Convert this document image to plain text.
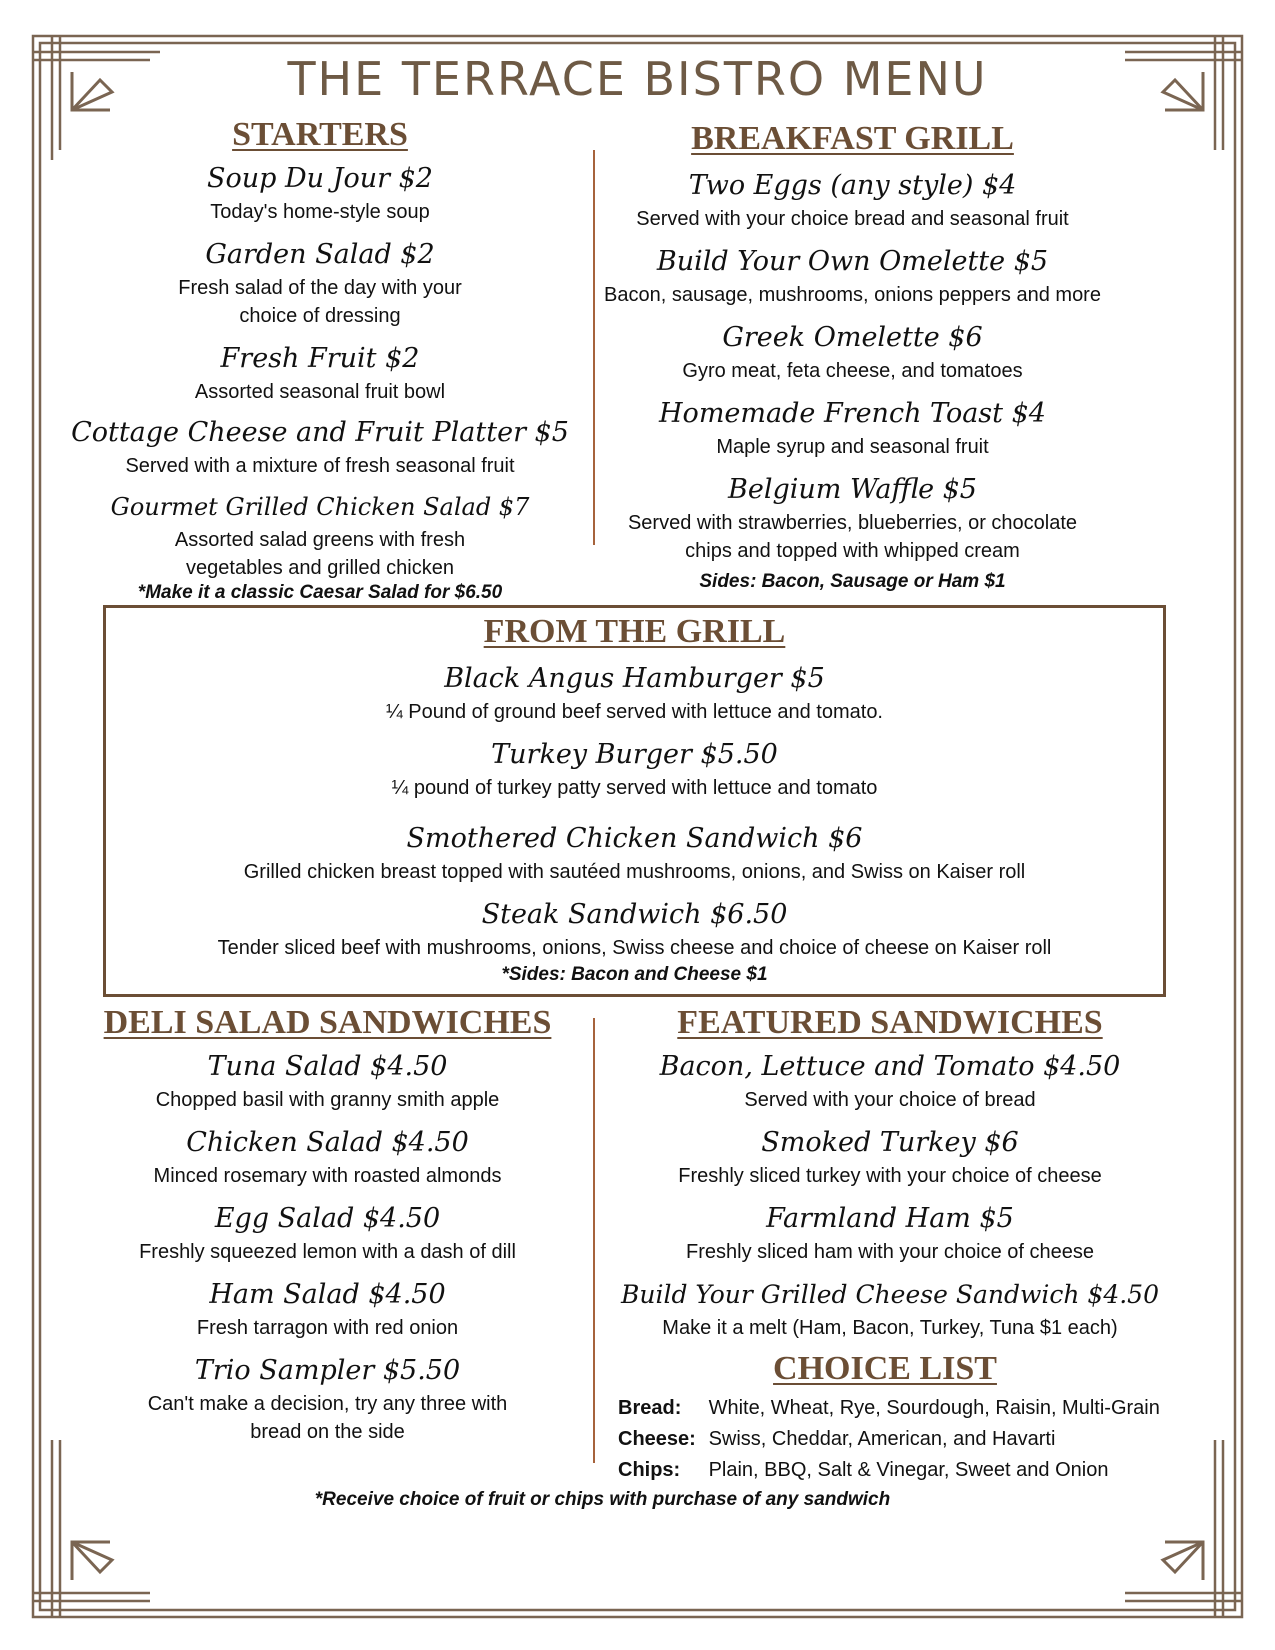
THE TERRACE BISTRO MENU
STARTERS
Soup Du Jour $2
Today's home-style soup
Garden Salad $2
Fresh salad of the day with your choice of dressing
Fresh Fruit $2
Assorted seasonal fruit bowl
Cottage Cheese and Fruit Platter $5
Served with a mixture of fresh seasonal fruit
Gourmet Grilled Chicken Salad $7
Assorted salad greens with fresh vegetables and grilled chicken
*Make it a classic Caesar Salad for $6.50
BREAKFAST GRILL
Two Eggs (any style) $4
Served with your choice bread and seasonal fruit
Build Your Own Omelette $5
Bacon, sausage, mushrooms, onions peppers and more
Greek Omelette $6
Gyro meat, feta cheese, and tomatoes
Homemade French Toast $4
Maple syrup and seasonal fruit
Belgium Waffle $5
Served with strawberries, blueberries, or chocolate chips and topped with whipped cream
Sides: Bacon, Sausage or Ham $1
FROM THE GRILL
Black Angus Hamburger $5
¼ Pound of ground beef served with lettuce and tomato.
Turkey Burger $5.50
¼ pound of turkey patty served with lettuce and tomato
Smothered Chicken Sandwich $6
Grilled chicken breast topped with sautéed mushrooms, onions, and Swiss on Kaiser roll
Steak Sandwich $6.50
Tender sliced beef with mushrooms, onions, Swiss cheese and choice of cheese on Kaiser roll
*Sides: Bacon and Cheese $1
DELI SALAD SANDWICHES
Tuna Salad $4.50
Chopped basil with granny smith apple
Chicken Salad $4.50
Minced rosemary with roasted almonds
Egg Salad $4.50
Freshly squeezed lemon with a dash of dill
Ham Salad $4.50
Fresh tarragon with red onion
Trio Sampler $5.50
Can't make a decision, try any three with bread on the side
FEATURED SANDWICHES
Bacon, Lettuce and Tomato $4.50
Served with your choice of bread
Smoked Turkey $6
Freshly sliced turkey with your choice of cheese
Farmland Ham $5
Freshly sliced ham with your choice of cheese
Build Your Grilled Cheese Sandwich $4.50
Make it a melt (Ham, Bacon, Turkey, Tuna $1 each)
CHOICE LIST
Bread: White, Wheat, Rye, Sourdough, Raisin, Multi-Grain
Cheese: Swiss, Cheddar, American, and Havarti
Chips: Plain, BBQ, Salt & Vinegar, Sweet and Onion
*Receive choice of fruit or chips with purchase of any sandwich
